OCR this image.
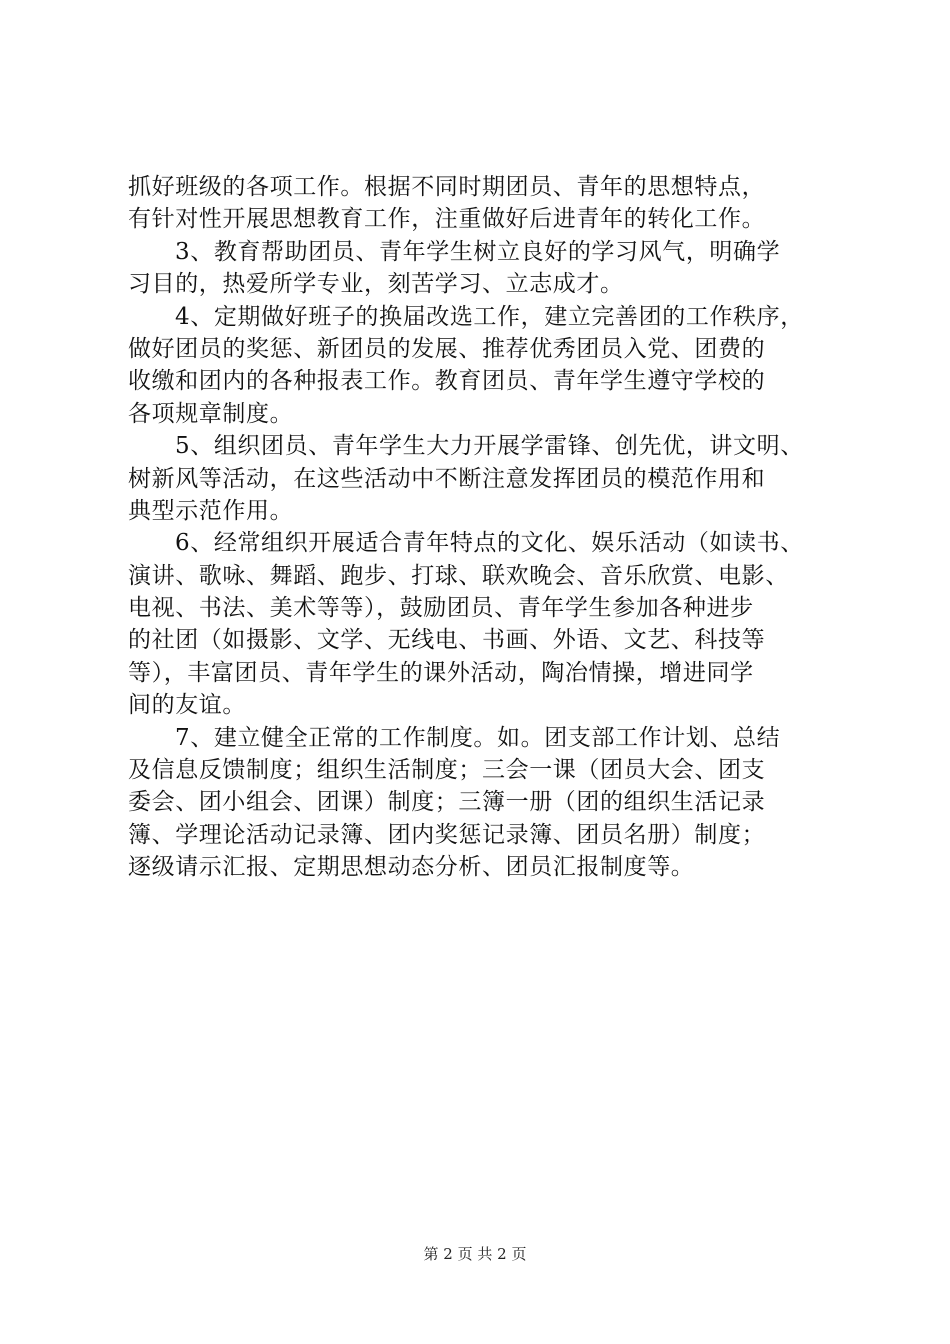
抓好班级的各项工作。根据不同时期团员、青年的思想特点，
有针对性开展思想教育工作，注重做好后进青年的转化工作。
3、教育帮助团员、青年学生树立良好的学习风气，明确学
习目的，热爱所学专业，刻苦学习、立志成才。
4、定期做好班子的换届改选工作，建立完善团的工作秩序，
做好团员的奖惩、新团员的发展、推荐优秀团员入党、团费的
收缴和团内的各种报表工作。教育团员、青年学生遵守学校的
各项规章制度。
5、组织团员、青年学生大力开展学雷锋、创先优，讲文明、
树新风等活动，在这些活动中不断注意发挥团员的模范作用和
典型示范作用。
6、经常组织开展适合青年特点的文化、娱乐活动（如读书、
演讲、歌咏、舞蹈、跑步、打球、联欢晚会、音乐欣赏、电影、
电视、书法、美术等等），鼓励团员、青年学生参加各种进步
的社团（如摄影、文学、无线电、书画、外语、文艺、科技等
等），丰富团员、青年学生的课外活动，陶冶情操，增进同学
间的友谊。
7、建立健全正常的工作制度。如。团支部工作计划、总结
及信息反馈制度；组织生活制度；三会一课（团员大会、团支
委会、团小组会、团课）制度；三簿一册（团的组织生活记录
簿、学理论活动记录簿、团内奖惩记录簿、团员名册）制度；
逐级请示汇报、定期思想动态分析、团员汇报制度等。
第 2 页 共 2 页
